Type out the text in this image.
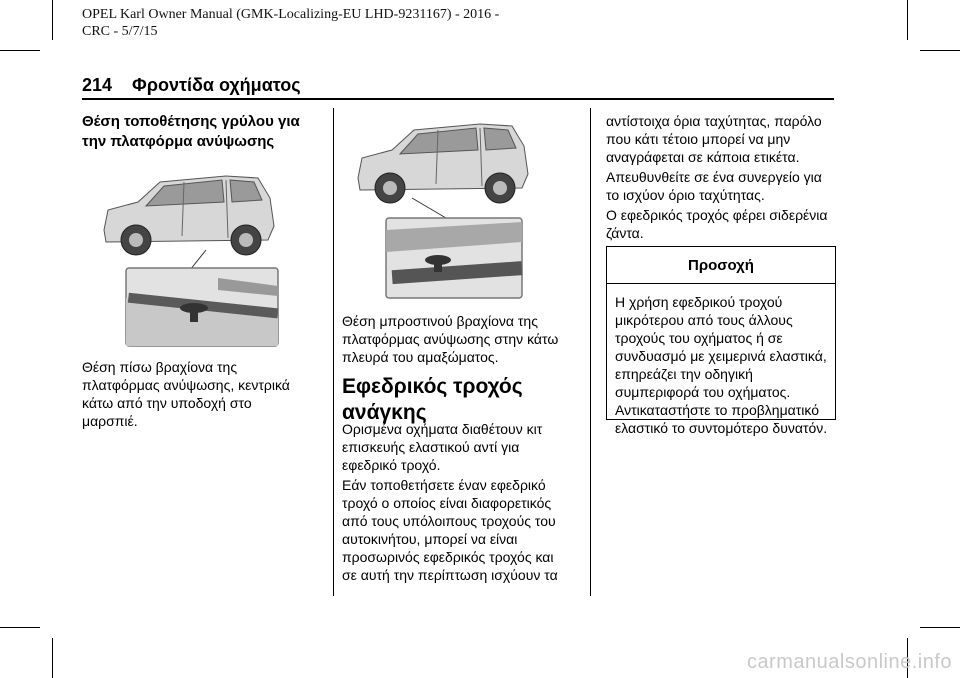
OPEL Karl Owner Manual (GMK-Localizing-EU LHD-9231167) - 2016 -
CRC - 5/7/15
214 Φροντίδα οχήματος
Θέση τοποθέτησης γρύλου για
την πλατφόρμα ανύψωσης

Θέση πίσω βραχίονα της

πλατφόρμας ανύψωσης, κεντρικά

κάτω από την υποδοχή στο

μαρσπιέ.

Θέση μπροστινού βραχίονα της

πλατφόρμας ανύψωσης στην κάτω

πλευρά του αμαξώματος.

Εφεδρικός τροχός
ανάγκης

Ορισμένα οχήματα διαθέτουν κιτ

επισκευής ελαστικού αντί για

εφεδρικό τροχό.

Εάν τοποθετήσετε έναν εφεδρικό

τροχό ο οποίος είναι διαφορετικός

από τους υπόλοιπους τροχούς του

αυτοκινήτου, μπορεί να είναι

προσωρινός εφεδρικός τροχός και

σε αυτή την περίπτωση ισχύουν τα

αντίστοιχα όρια ταχύτητας, παρόλο

που κάτι τέτοιο μπορεί να μην

αναγράφεται σε κάποια ετικέτα.

Απευθυνθείτε σε ένα συνεργείο για

το ισχύον όριο ταχύτητας.

Ο εφεδρικός τροχός φέρει σιδερένια

ζάντα.

Προσοχή
Η χρήση εφεδρικού τροχού
μικρότερου από τους άλλους
τροχούς του οχήματος ή σε
συνδυασμό με χειμερινά ελαστικά,
επηρεάζει την οδηγική
συμπεριφορά του οχήματος.
Αντικαταστήστε το προβληματικό
ελαστικό το συντομότερο δυνατόν.
carmanualsonline.info
